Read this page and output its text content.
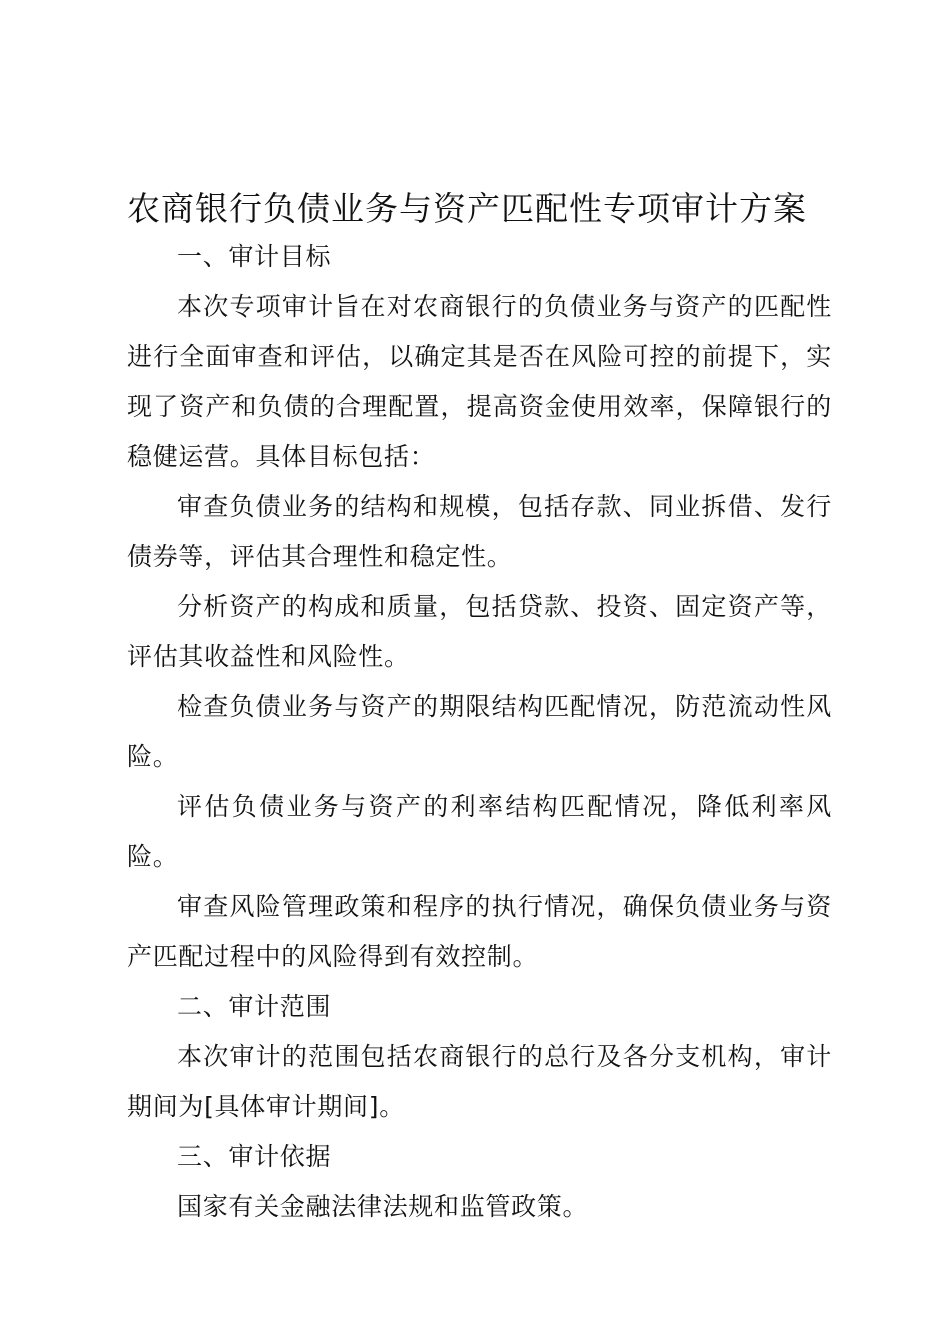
农商银行负债业务与资产匹配性专项审计方案

一、审计目标

本次专项审计旨在对农商银行的负债业务与资产的匹配性进行全面审查和评估，以确定其是否在风险可控的前提下，实现了资产和负债的合理配置，提高资金使用效率，保障银行的稳健运营。具体目标包括：

审查负债业务的结构和规模，包括存款、同业拆借、发行债券等，评估其合理性和稳定性。

分析资产的构成和质量，包括贷款、投资、固定资产等，评估其收益性和风险性。

检查负债业务与资产的期限结构匹配情况，防范流动性风险。

评估负债业务与资产的利率结构匹配情况，降低利率风险。

审查风险管理政策和程序的执行情况，确保负债业务与资产匹配过程中的风险得到有效控制。

二、审计范围

本次审计的范围包括农商银行的总行及各分支机构，审计期间为[具体审计期间]。

三、审计依据

国家有关金融法律法规和监管政策。
